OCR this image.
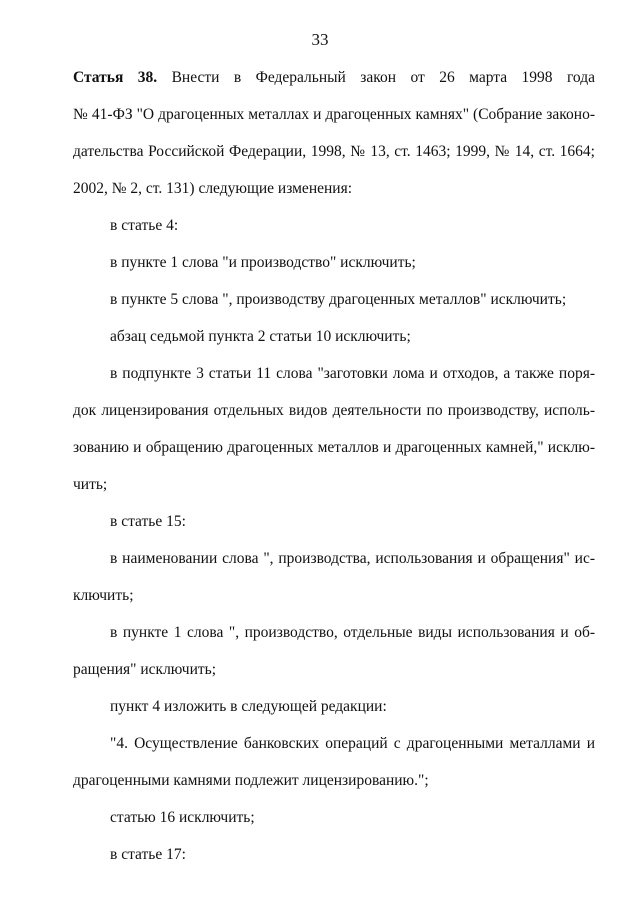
33
Статья 38. Внести в Федеральный закон от 26 марта 1998 года
№ 41-ФЗ "О драгоценных металлах и драгоценных камнях" (Собрание законо-
дательства Российской Федерации, 1998, № 13, ст. 1463; 1999, № 14, ст. 1664;
2002, № 2, ст. 131) следующие изменения:
в статье 4:
в пункте 1 слова "и производство" исключить;
в пункте 5 слова ", производству драгоценных металлов" исключить;
абзац седьмой пункта 2 статьи 10 исключить;
в подпункте 3 статьи 11 слова "заготовки лома и отходов, а также поря-
док лицензирования отдельных видов деятельности по производству, исполь-
зованию и обращению драгоценных металлов и драгоценных камней," исклю-
чить;
в статье 15:
в наименовании слова ", производства, использования и обращения" ис-
ключить;
в пункте 1 слова ", производство, отдельные виды использования и об-
ращения" исключить;
пункт 4 изложить в следующей редакции:
"4. Осуществление банковских операций с драгоценными металлами и
драгоценными камнями подлежит лицензированию.";
статью 16 исключить;
в статье 17:
